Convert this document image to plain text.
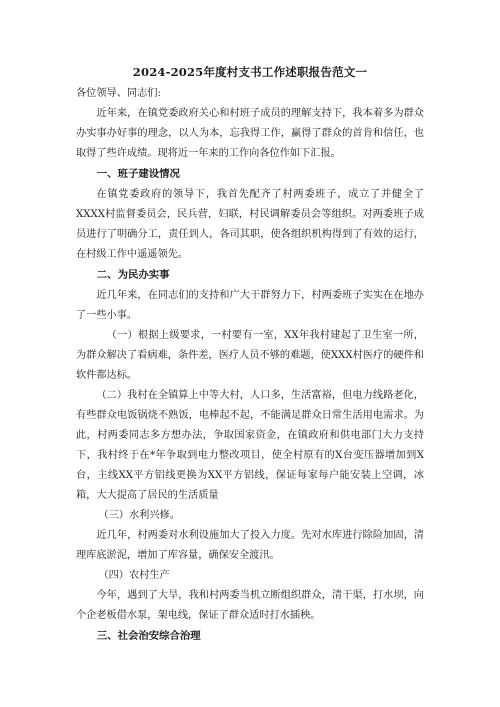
2024-2025年度村支书工作述职报告范文一

各位领导、同志们:

近年来，在镇党委政府关心和村班子成员的理解支持下，我本着多为群众办实事办好事的理念，以人为本，忘我得工作，赢得了群众的首肯和信任，也取得了些许成绩。现将近一年来的工作向各位作如下汇报。

一、班子建设情况

在镇党委政府的领导下，我首先配齐了村两委班子，成立了并健全了XXXX村监督委员会，民兵营，妇联，村民调解委员会等组织。对两委班子成员进行了明确分工，责任到人，各司其职，使各组织机构得到了有效的运行，在村级工作中遥遥领先。

二、为民办实事

近几年来，在同志们的支持和广大干群努力下，村两委班子实实在在地办了一些小事。

（一）根据上级要求，一村要有一室，XX年我村建起了卫生室一所，为群众解决了看病难，条件差，医疗人员不够的难题，使XXX村医疗的硬件和软件都达标。

（二）我村在全镇算上中等大村，人口多，生活富裕，但电力线路老化，有些群众电饭锅烧不熟饭，电棒起不起，不能满足群众日常生活用电需求。为此，村两委同志多方想办法，争取国家资金，在镇政府和供电部门大力支持下，我村终于在*年争取到电力整改项目，使全村原有的X台变压器增加到X台，主线XX平方铝线更换为XX平方铝线，保证每家每户能安装上空调，冰箱，大大提高了居民的生活质量

（三）水利兴修。

近几年，村两委对水利设施加大了投入力度。先对水库进行除险加固，清理库底淤泥，增加了库容量，确保安全渡汛。

（四）农村生产

今年，遇到了大旱，我和村两委当机立断组织群众，清干渠，打水坝，向个企老板借水泵，架电线，保证了群众适时打水插秧。

三、社会治安综合治理
